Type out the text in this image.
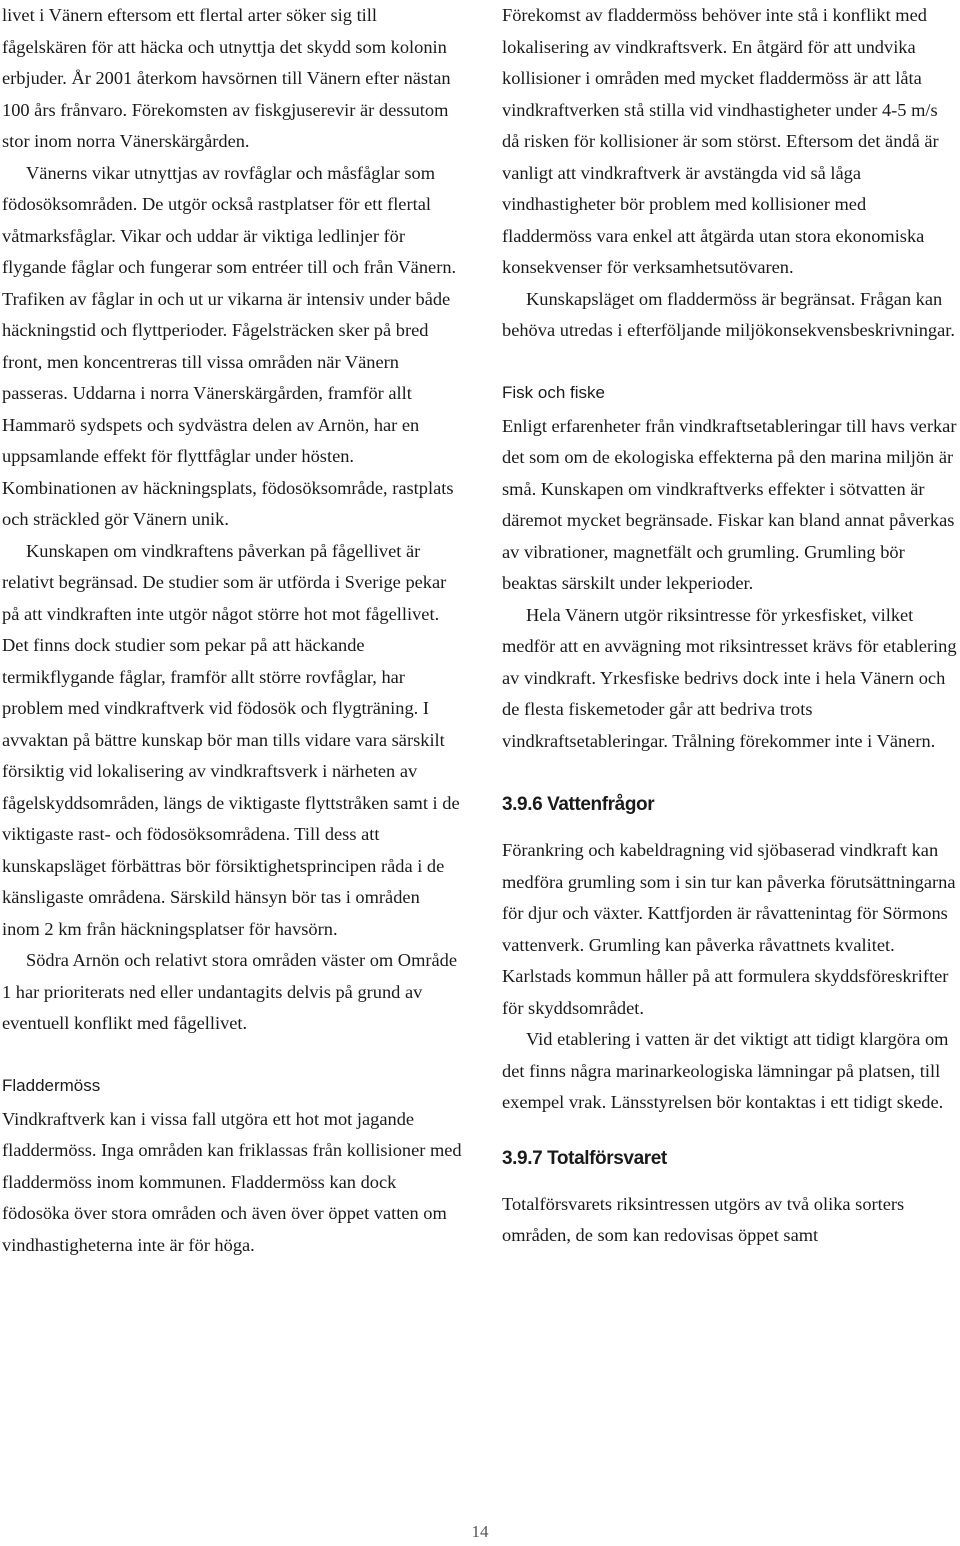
livet i Vänern eftersom ett flertal arter söker sig till fågelskären för att häcka och utnyttja det skydd som kolonin erbjuder. År 2001 återkom havsörnen till Vänern efter nästan 100 års frånvaro. Förekomsten av fiskgjuserevir är dessutom stor inom norra Vänerskärgården.

Vänerns vikar utnyttjas av rovfåglar och måsfåglar som födosöksområden. De utgör också rastplatser för ett flertal våtmarksfåglar. Vikar och uddar är viktiga ledlinjer för flygande fåglar och fungerar som entréer till och från Vänern. Trafiken av fåglar in och ut ur vikarna är intensiv under både häckningstid och flyttperioder. Fågelsträcken sker på bred front, men koncentreras till vissa områden när Vänern passeras. Uddarna i norra Vänerskärgården, framför allt Hammarö sydspets och sydvästra delen av Arnön, har en uppsamlande effekt för flyttfåglar under hösten. Kombinationen av häckningsplats, födosöksområde, rastplats och sträckled gör Vänern unik.

Kunskapen om vindkraftens påverkan på fågellivet är relativt begränsad. De studier som är utförda i Sverige pekar på att vindkraften inte utgör något större hot mot fågellivet. Det finns dock studier som pekar på att häckande termikflygande fåglar, framför allt större rovfåglar, har problem med vindkraftverk vid födosök och flygträning. I avvaktan på bättre kunskap bör man tills vidare vara särskilt försiktig vid lokalisering av vindkraftsverk i närheten av fågelskyddsområden, längs de viktigaste flyttstråken samt i de viktigaste rast- och födosöksområdena. Till dess att kunskapsläget förbättras bör försiktighetsprincipen råda i de känsligaste områdena. Särskild hänsyn bör tas i områden inom 2 km från häckningsplatser för havsörn.

Södra Arnön och relativt stora områden väster om Område 1 har prioriterats ned eller undantagits delvis på grund av eventuell konflikt med fågellivet.

Fladdermöss

Vindkraftverk kan i vissa fall utgöra ett hot mot jagande fladdermöss. Inga områden kan friklassas från kollisioner med fladdermöss inom kommunen. Fladdermöss kan dock födosöka över stora områden och även över öppet vatten om vindhastigheterna inte är för höga.

Förekomst av fladdermöss behöver inte stå i konflikt med lokalisering av vindkraftsverk. En åtgärd för att undvika kollisioner i områden med mycket fladdermöss är att låta vindkraftverken stå stilla vid vindhastigheter under 4-5 m/s då risken för kollisioner är som störst. Eftersom det ändå är vanligt att vindkraftverk är avstängda vid så låga vindhastigheter bör problem med kollisioner med fladdermöss vara enkel att åtgärda utan stora ekonomiska konsekvenser för verksamhetsutövaren.

Kunskapsläget om fladdermöss är begränsat. Frågan kan behöva utredas i efterföljande miljökonsekvensbeskrivningar.

Fisk och fiske

Enligt erfarenheter från vindkraftsetableringar till havs verkar det som om de ekologiska effekterna på den marina miljön är små. Kunskapen om vindkraftverks effekter i sötvatten är däremot mycket begränsade. Fiskar kan bland annat påverkas av vibrationer, magnetfält och grumling. Grumling bör beaktas särskilt under lekperioder.

Hela Vänern utgör riksintresse för yrkesfisket, vilket medför att en avvägning mot riksintresset krävs för etablering av vindkraft. Yrkesfiske bedrivs dock inte i hela Vänern och de flesta fiskemetoder går att bedriva trots vindkraftsetableringar. Trålning förekommer inte i Vänern.

3.9.6 Vattenfrågor

Förankring och kabeldragning vid sjöbaserad vindkraft kan medföra grumling som i sin tur kan påverka förutsättningarna för djur och växter. Kattfjorden är råvattenintag för Sörmons vattenverk. Grumling kan påverka råvattnets kvalitet. Karlstads kommun håller på att formulera skyddsföreskrifter för skyddsområdet.

Vid etablering i vatten är det viktigt att tidigt klargöra om det finns några marinarkeologiska lämningar på platsen, till exempel vrak. Länsstyrelsen bör kontaktas i ett tidigt skede.

3.9.7 Totalförsvaret

Totalförsvarets riksintressen utgörs av två olika sorters områden, de som kan redovisas öppet samt

14
